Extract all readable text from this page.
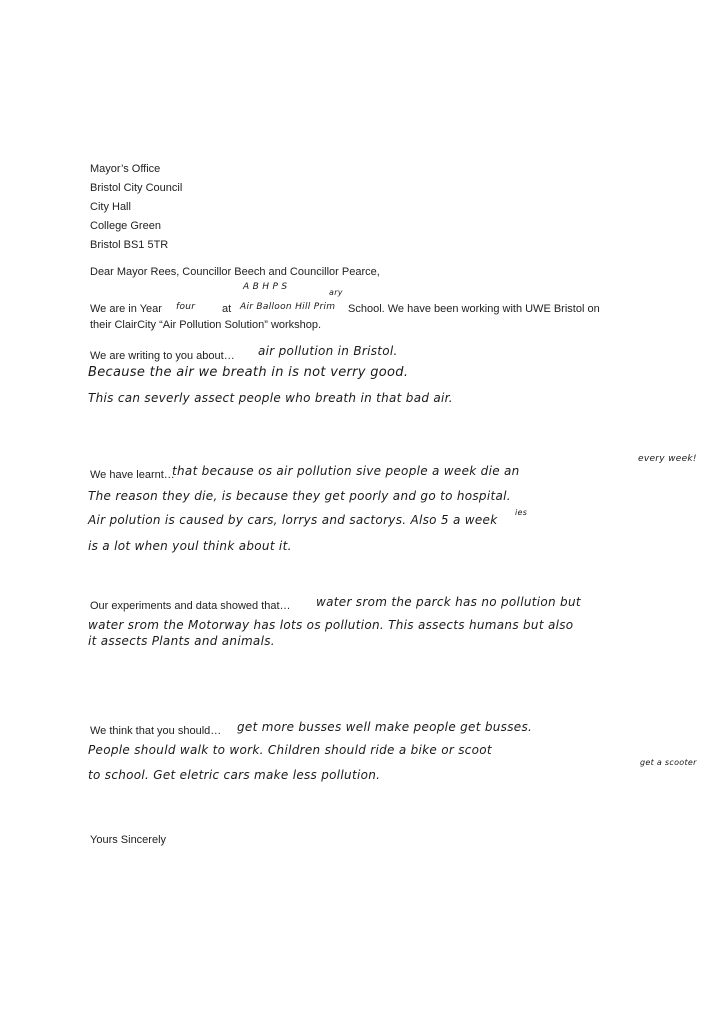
Mayor’s Office
Bristol City Council
City Hall
College Green
Bristol BS1 5TR
Dear Mayor Rees, Councillor Beech and Councillor Pearce,
We are in Year four at
A B H P S
Air Balloon Hill Prim
ary
School. We have been working with UWE Bristol on
their ClairCity “Air Pollution Solution” workshop.
We are writing to you about… air pollution in Bristol.
Because the air we breath in is not verry good.
This can severly assect people who breath in that bad air.
We have learnt…
that because os air pollution sive people a week die an
every week!
The reason they die, is because they get poorly and go to hospital.
ies
Air polution is caused by cars, lorrys and sactorys. Also 5 a week
is a lot when youl think about it.
Our experiments and data showed that… water srom the parck has no pollution but
water srom the Motorway has lots os pollution. This assects humans but also
it assects Plants and animals.
We think that you should… get more busses well make people get busses.
People should walk to work. Children should ride a bike or scoot
get a scooter
to school. Get eletric cars make less pollution.
Yours Sincerely
